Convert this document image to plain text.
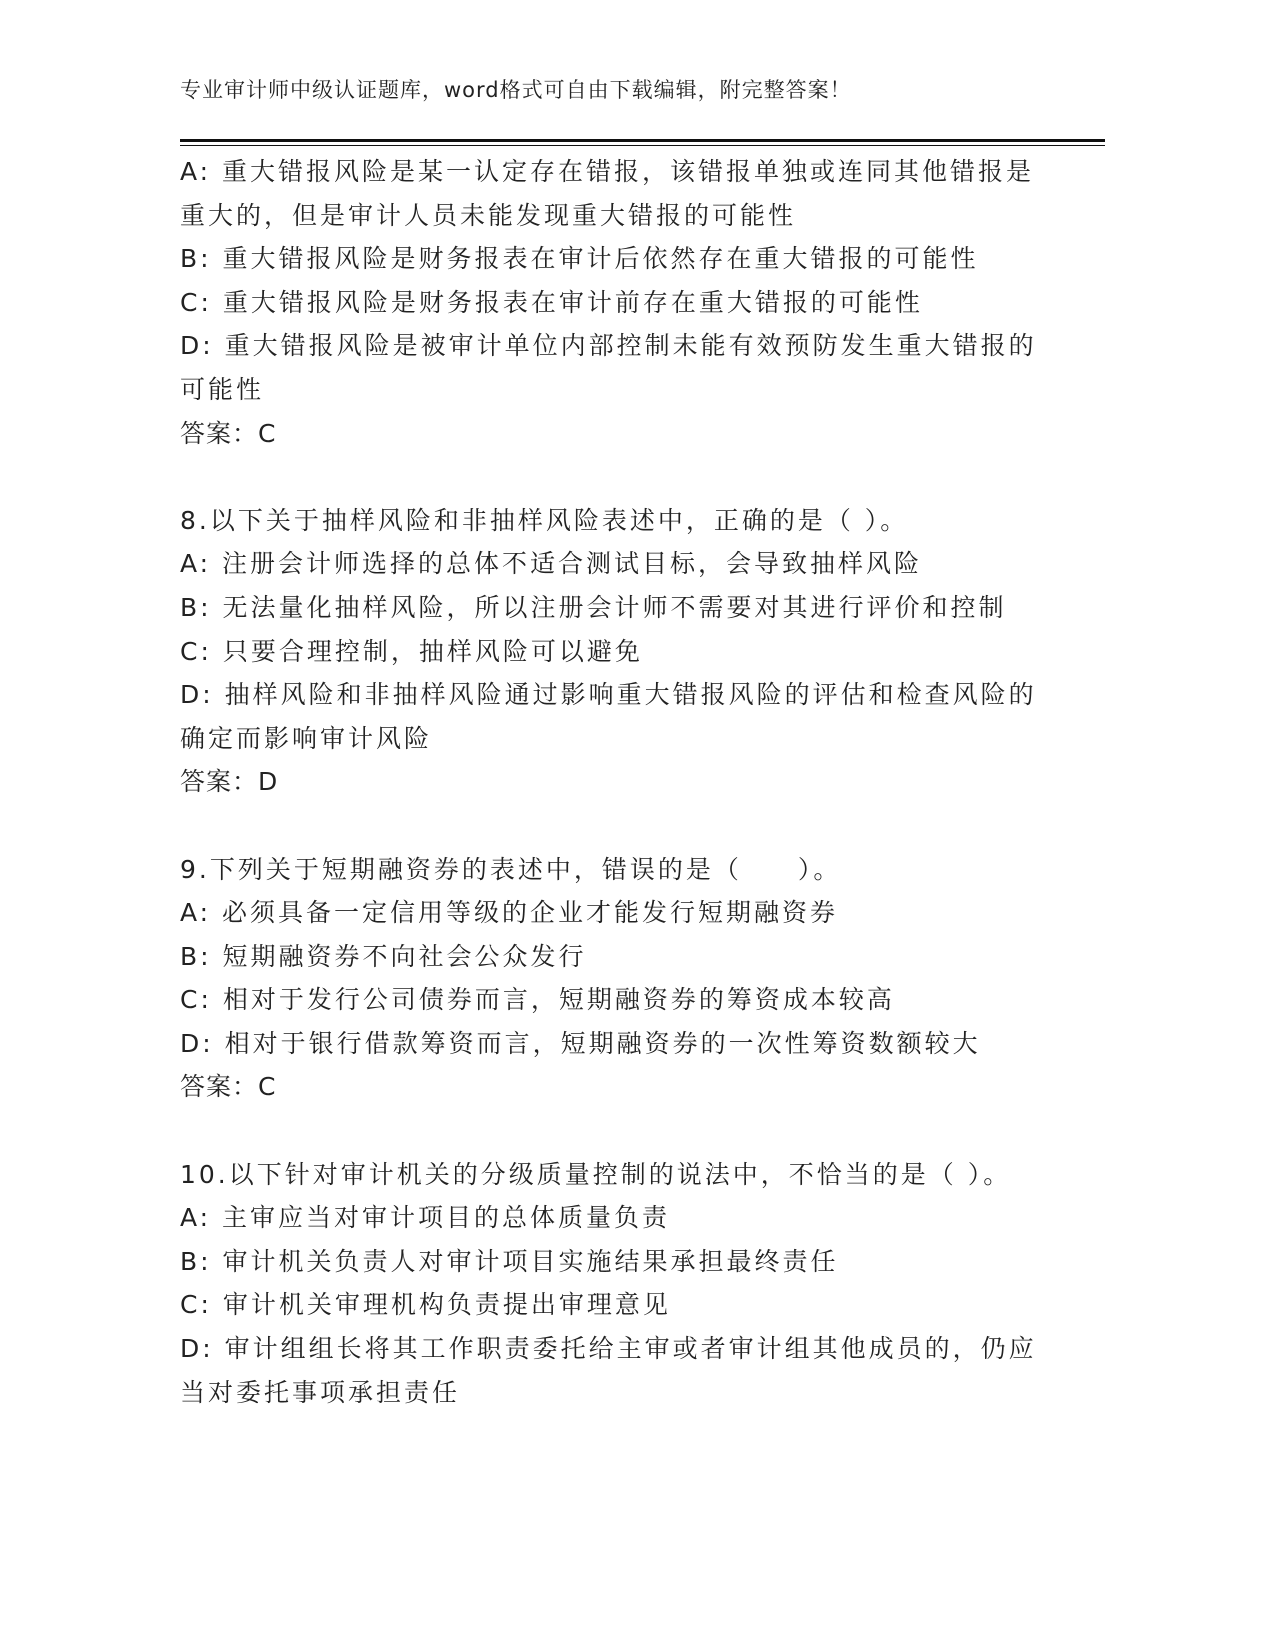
专业审计师中级认证题库，word格式可自由下载编辑，附完整答案！

A: 重大错报风险是某一认定存在错报，该错报单独或连同其他错报是

重大的，但是审计人员未能发现重大错报的可能性

B: 重大错报风险是财务报表在审计后依然存在重大错报的可能性

C: 重大错报风险是财务报表在审计前存在重大错报的可能性

D: 重大错报风险是被审计单位内部控制未能有效预防发生重大错报的

可能性

答案：C

8.以下关于抽样风险和非抽样风险表述中，正确的是（ ）。

A: 注册会计师选择的总体不适合测试目标，会导致抽样风险

B: 无法量化抽样风险，所以注册会计师不需要对其进行评价和控制

C: 只要合理控制，抽样风险可以避免

D: 抽样风险和非抽样风险通过影响重大错报风险的评估和检查风险的

确定而影响审计风险

答案：D

9.下列关于短期融资券的表述中，错误的是（　　）。

A: 必须具备一定信用等级的企业才能发行短期融资券

B: 短期融资券不向社会公众发行

C: 相对于发行公司债券而言，短期融资券的筹资成本较高

D: 相对于银行借款筹资而言，短期融资券的一次性筹资数额较大

答案：C

10.以下针对审计机关的分级质量控制的说法中，不恰当的是（ ）。

A: 主审应当对审计项目的总体质量负责

B: 审计机关负责人对审计项目实施结果承担最终责任

C: 审计机关审理机构负责提出审理意见

D: 审计组组长将其工作职责委托给主审或者审计组其他成员的，仍应

当对委托事项承担责任
